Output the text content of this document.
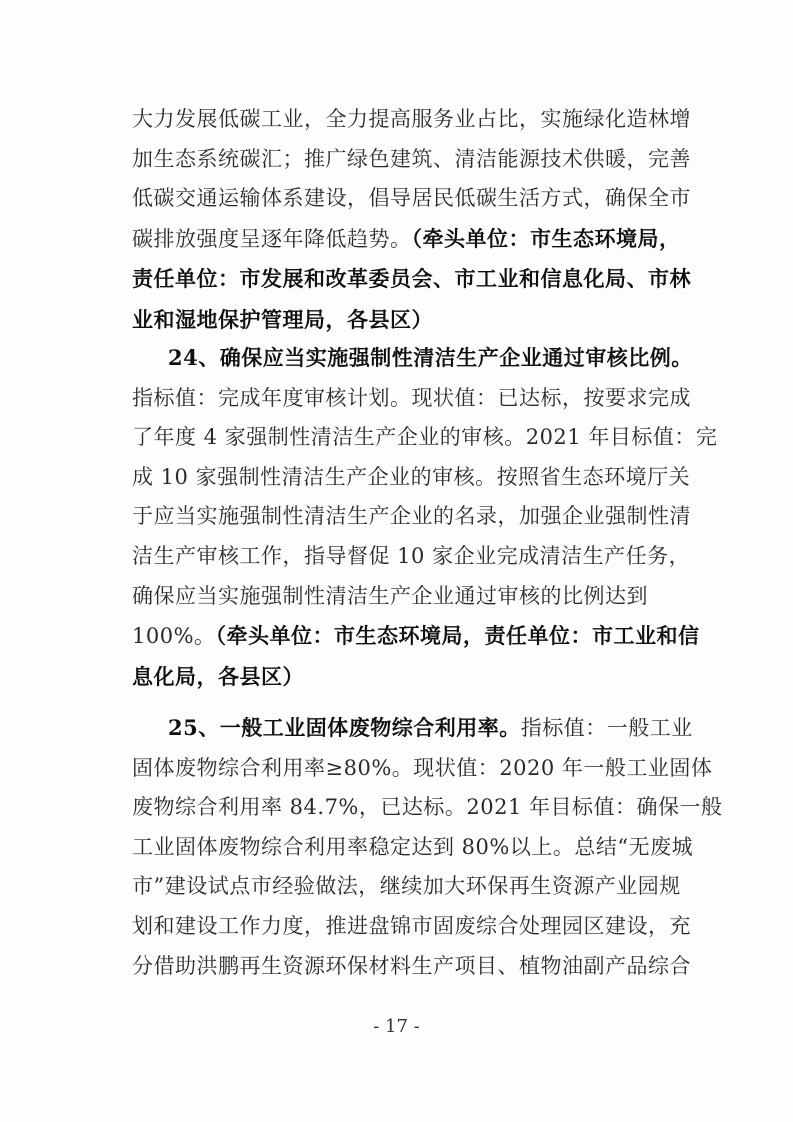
大力发展低碳工业，全力提高服务业占比，实施绿化造林增
加生态系统碳汇；推广绿色建筑、清洁能源技术供暖，完善
低碳交通运输体系建设，倡导居民低碳生活方式，确保全市
碳排放强度呈逐年降低趋势。（牵头单位：市生态环境局，
责任单位：市发展和改革委员会、市工业和信息化局、市林
业和湿地保护管理局，各县区）
24、确保应当实施强制性清洁生产企业通过审核比例。
指标值：完成年度审核计划。现状值：已达标，按要求完成
了年度 4 家强制性清洁生产企业的审核。2021 年目标值：完
成 10 家强制性清洁生产企业的审核。按照省生态环境厅关
于应当实施强制性清洁生产企业的名录，加强企业强制性清
洁生产审核工作，指导督促 10 家企业完成清洁生产任务，
确保应当实施强制性清洁生产企业通过审核的比例达到
100%。（牵头单位：市生态环境局，责任单位：市工业和信
息化局，各县区）
25、一般工业固体废物综合利用率。指标值：一般工业
固体废物综合利用率≥80%。现状值：2020 年一般工业固体
废物综合利用率 84.7%，已达标。2021 年目标值：确保一般
工业固体废物综合利用率稳定达到 80%以上。总结“无废城
市”建设试点市经验做法，继续加大环保再生资源产业园规
划和建设工作力度，推进盘锦市固废综合处理园区建设，充
分借助洪鹏再生资源环保材料生产项目、植物油副产品综合
- 17 -
